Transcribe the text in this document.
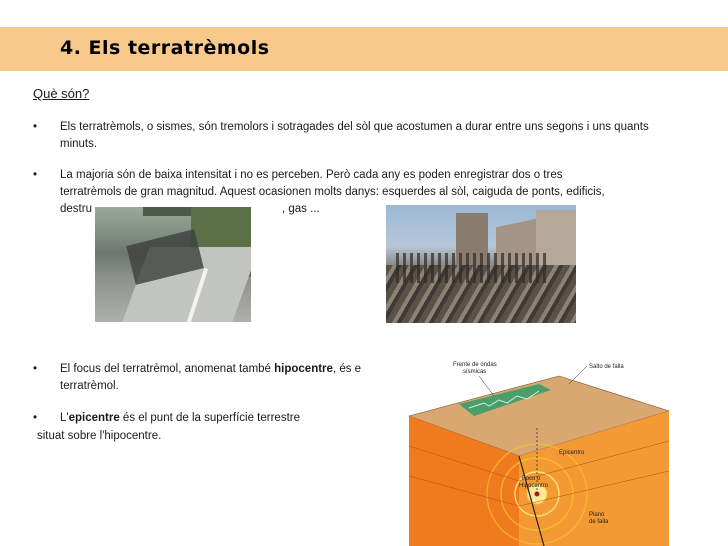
4. Els terratrèmols
Què són?
• Els terratrèmols, o sismes, són tremolors i sotragades del sòl que acostumen a durar entre uns segons i uns quants minuts.
• La majoria són de baixa intensitat i no es perceben. Però cada any es poden enregistrar dos o tres
terratrèmols de gran magnitud. Aquest ocasionen molts danys: esquerdes al sòl, caiguda de ponts, edificis,
destru	, gas ...
• El focus del terratrèmol, anomenat també hipocentre, és e
terratrèmol.
• L'epicentre és el punt de la superfície terrestre
situat sobre l'hipocentre.
Frente de ondas
sísmicas
Salto de falla
Epicentro
Foco o
Hipocentro
Plano
de falla
